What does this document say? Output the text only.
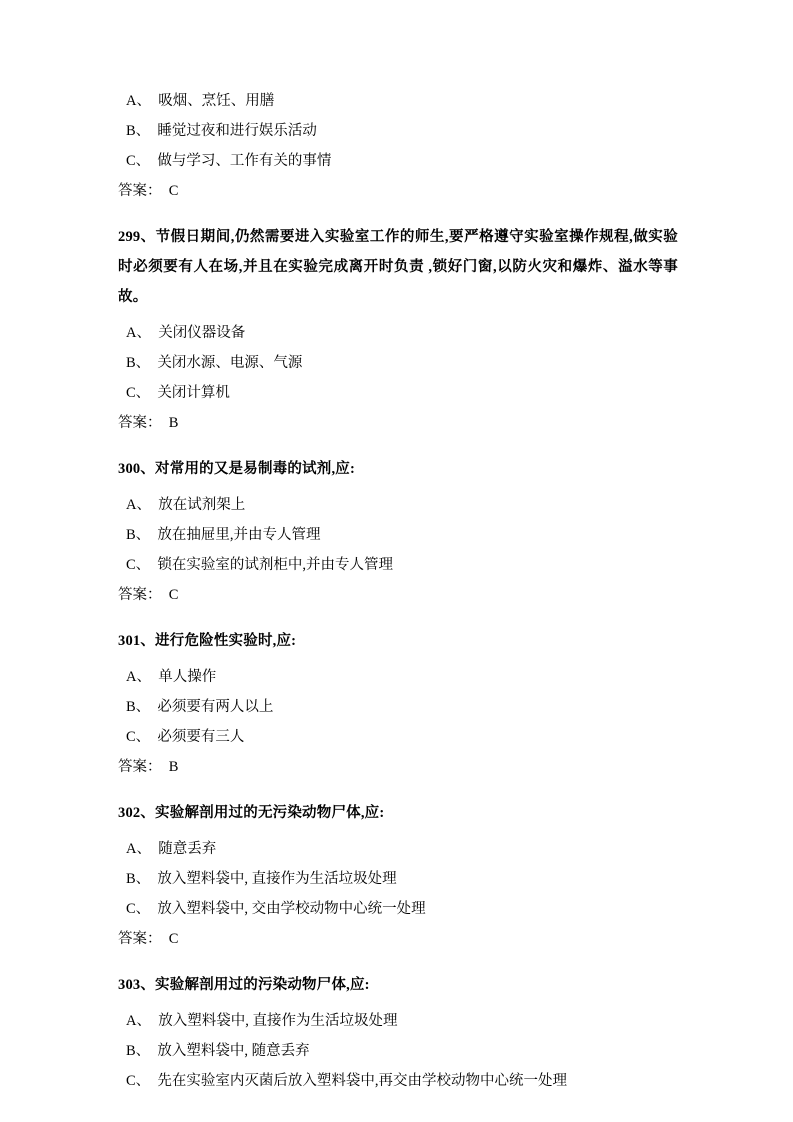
A、  吸烟、烹饪、用膳
B、  睡觉过夜和进行娱乐活动
C、  做与学习、工作有关的事情
答案：  C
299、节假日期间,仍然需要进入实验室工作的师生,要严格遵守实验室操作规程,做实验时必须要有人在场,并且在实验完成离开时负责 ,锁好门窗,以防火灾和爆炸、溢水等事故。
A、  关闭仪器设备
B、  关闭水源、电源、气源
C、  关闭计算机
答案：  B
300、对常用的又是易制毒的试剂,应:
A、  放在试剂架上
B、  放在抽屉里,并由专人管理
C、  锁在实验室的试剂柜中,并由专人管理
答案：  C
301、进行危险性实验时,应:
A、  单人操作
B、  必须要有两人以上
C、  必须要有三人
答案：  B
302、实验解剖用过的无污染动物尸体,应:
A、  随意丢弃
B、  放入塑料袋中, 直接作为生活垃圾处理
C、  放入塑料袋中, 交由学校动物中心统一处理
答案：  C
303、实验解剖用过的污染动物尸体,应:
A、  放入塑料袋中, 直接作为生活垃圾处理
B、  放入塑料袋中, 随意丢弃
C、  先在实验室内灭菌后放入塑料袋中,再交由学校动物中心统一处理
